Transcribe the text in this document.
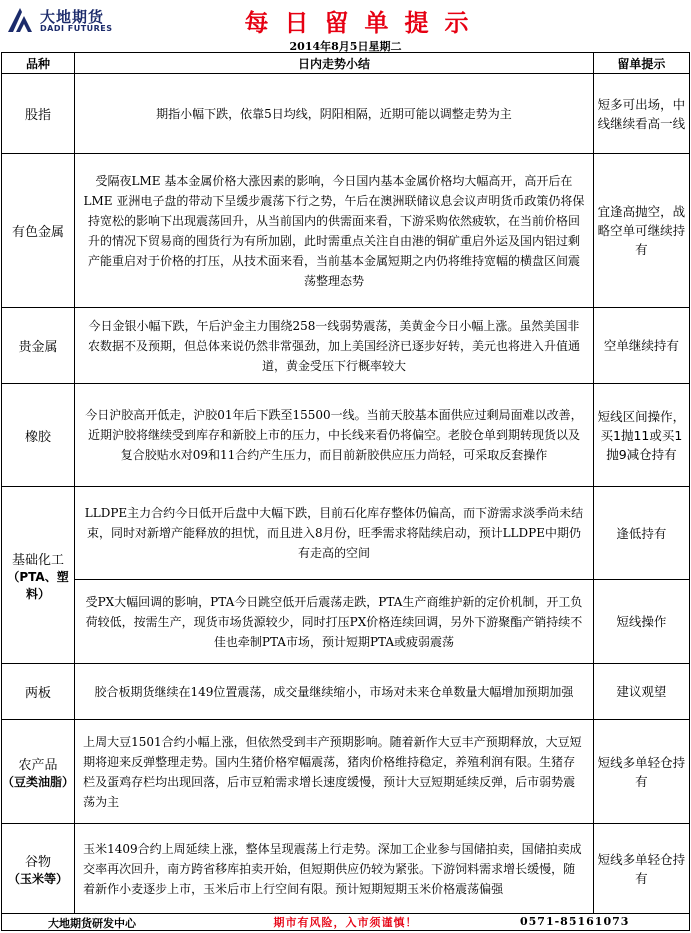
大地期货
DADI FUTURES	每日留单提示
2014年8月5日星期二
品种	日内走势小结	留单提示
股指	期指小幅下跌，依靠5日均线，阴阳相隔，近期可能以调整走势为主	短多可出场，中线继续看高一线
有色金属	受隔夜LME 基本金属价格大涨因素的影响，今日国内基本金属价格均大幅高开，高开后在LME 亚洲电子盘的带动下呈缓步震荡下行之势，午后在澳洲联储议息会议声明货币政策仍将保持宽松的影响下出现震荡回升，从当前国内的供需面来看，下游采购依然疲软，在当前价格回升的情况下贸易商的囤货行为有所加剧，此时需重点关注自由港的铜矿重启外运及国内铝过剩产能重启对于价格的打压，从技术面来看，当前基本金属短期之内仍将维持宽幅的横盘区间震荡整理态势	宜逢高抛空，战略空单可继续持有
贵金属	今日金银小幅下跌，午后沪金主力围绕258一线弱势震荡，美黄金今日小幅上涨。虽然美国非农数据不及预期，但总体来说仍然非常强劲，加上美国经济已逐步好转，美元也将进入升值通道，黄金受压下行概率较大	空单继续持有
橡胶	今日沪胶高开低走，沪胶01年后下跌至15500一线。当前天胶基本面供应过剩局面难以改善，近期沪胶将继续受到库存和新胶上市的压力，中长线来看仍将偏空。老胶仓单到期转现货以及复合胶贴水对09和11合约产生压力，而目前新胶供应压力尚轻，可采取反套操作	短线区间操作，买1抛11或买1抛9减仓持有

基础化工
（PTA、塑料）	LLDPE主力合约今日低开后盘中大幅下跌，目前石化库存整体仍偏高，而下游需求淡季尚未结束，同时对新增产能释放的担忧，而且进入8月份，旺季需求将陆续启动，预计LLDPE中期仍有走高的空间	逢低持有
	受PX大幅回调的影响，PTA今日跳空低开后震荡走跌，PTA生产商维护新的定价机制，开工负荷较低，按需生产，现货市场货源较少，同时打压PX价格连续回调，另外下游聚酯产销持续不佳也牵制PTA市场，预计短期PTA或疲弱震荡	短线操作
两板	胶合板期货继续在149位置震荡，成交量继续缩小，市场对未来仓单数量大幅增加预期加强	建议观望

农产品
（豆类油脂）	上周大豆1501合约小幅上涨，但依然受到丰产预期影响。随着新作大豆丰产预期释放，大豆短期将迎来反弹整理走势。国内生猪价格窄幅震荡，猪肉价格维持稳定，养殖利润有限。生猪存栏及蛋鸡存栏均出现回落，后市豆粕需求增长速度缓慢，预计大豆短期延续反弹，后市弱势震荡为主	短线多单轻仓持有

谷物
（玉米等）	玉米1409合约上周延续上涨，整体呈现震荡上行走势。深加工企业参与国储拍卖，国储拍卖成交率再次回升，南方跨省移库拍卖开始，但短期供应仍较为紧张。下游饲料需求增长缓慢，随着新作小麦逐步上市，玉米后市上行空间有限。预计短期短期玉米价格震荡偏强	短线多单轻仓持有
期市有风险，入市须谨慎！		
大地期货研发中心	0571-85161073
